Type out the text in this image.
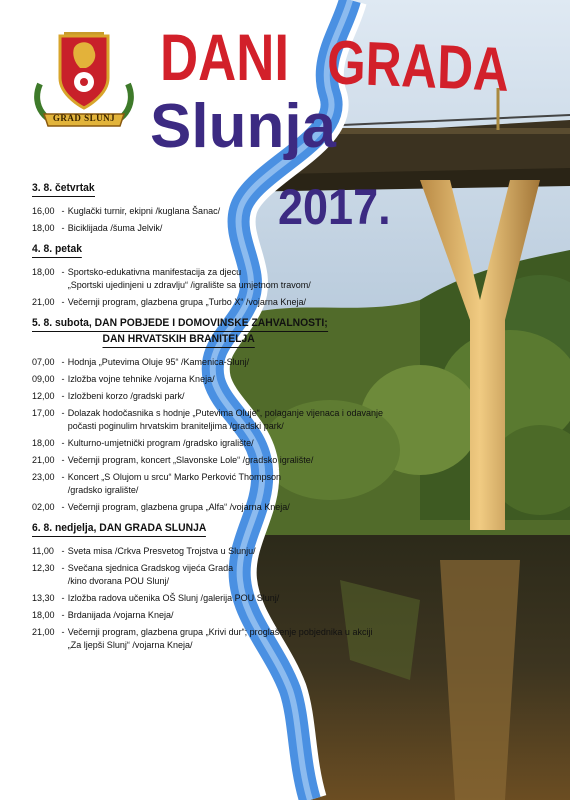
GRAD SLUNJ
DANI GRADA
Slunja
2017.
3. 8. četvrtak
16,00 - Kuglački turnir, ekipni /kuglana Šanac/
18,00 - Biciklijada /šuma Jelvik/
4. 8. petak
18,00 - Sportsko-edukativna manifestacija za djecu
„Sportski ujedinjeni u zdravlju“ /igralište sa umjetnom travom/
21,00 - Večernji program, glazbena grupa „Turbo X“ /vojarna Kneja/
5. 8. subota, DAN POBJEDE I DOMOVINSKE ZAHVALNOSTI;
DAN HRVATSKIH BRANITELJA
07,00 - Hodnja „Putevima Oluje 95“ /Kamenica-Slunj/
09,00 - Izložba vojne tehnike /vojarna Kneja/
12,00 - Izložbeni korzo /gradski park/
17,00 - Dolazak hodočasnika s hodnje „Putevima Oluje“, polaganje vijenaca i odavanje
počasti poginulim hrvatskim braniteljima /gradski park/
18,00 - Kulturno-umjetnički program /gradsko igralište/
21,00 - Večernji program, koncert „Slavonske Lole“ /gradsko igralište/
23,00 - Koncert „S Olujom u srcu“ Marko Perković Thompson
/gradsko igralište/
02,00 - Večernji program, glazbena grupa „Alfa“ /vojarna Kneja/
6. 8. nedjelja, DAN GRADA SLUNJA
11,00 - Sveta misa /Crkva Presvetog Trojstva u Slunju/
12,30 - Svečana sjednica Gradskog vijeća Grada
/kino dvorana POU Slunj/
13,30 - Izložba radova učenika OŠ Slunj /galerija POU Slunj/
18,00 - Brdanijada /vojarna Kneja/
21,00 - Večernji program, glazbena grupa „Krivi dur“; proglašenje pobjednika u akciji
„Za ljepši Slunj“ /vojarna Kneja/
